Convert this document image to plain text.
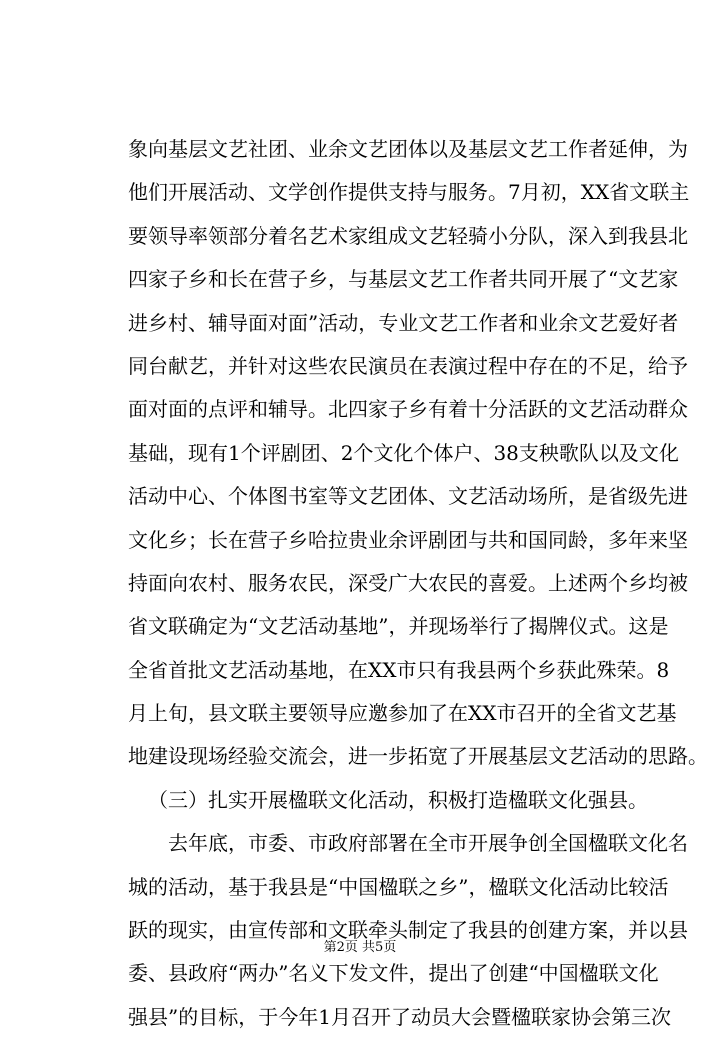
象向基层文艺社团、业余文艺团体以及基层文艺工作者延伸，为
他们开展活动、文学创作提供支持与服务。7月初，XX省文联主
要领导率领部分着名艺术家组成文艺轻骑小分队，深入到我县北
四家子乡和长在营子乡，与基层文艺工作者共同开展了“文艺家
进乡村、辅导面对面”活动，专业文艺工作者和业余文艺爱好者
同台献艺，并针对这些农民演员在表演过程中存在的不足，给予
面对面的点评和辅导。北四家子乡有着十分活跃的文艺活动群众
基础，现有1个评剧团、2个文化个体户、38支秧歌队以及文化
活动中心、个体图书室等文艺团体、文艺活动场所，是省级先进
文化乡；长在营子乡哈拉贵业余评剧团与共和国同龄，多年来坚
持面向农村、服务农民，深受广大农民的喜爱。上述两个乡均被
省文联确定为“文艺活动基地”，并现场举行了揭牌仪式。这是
全省首批文艺活动基地，在XX市只有我县两个乡获此殊荣。8
月上旬，县文联主要领导应邀参加了在XX市召开的全省文艺基
地建设现场经验交流会，进一步拓宽了开展基层文艺活动的思路。
（三）扎实开展楹联文化活动，积极打造楹联文化强县。
去年底，市委、市政府部署在全市开展争创全国楹联文化名
城的活动，基于我县是“中国楹联之乡”，楹联文化活动比较活
跃的现实，由宣传部和文联牵头制定了我县的创建方案，并以县
委、县政府“两办”名义下发文件，提出了创建“中国楹联文化
强县”的目标，于今年1月召开了动员大会暨楹联家协会第三次
第2页 共5页
